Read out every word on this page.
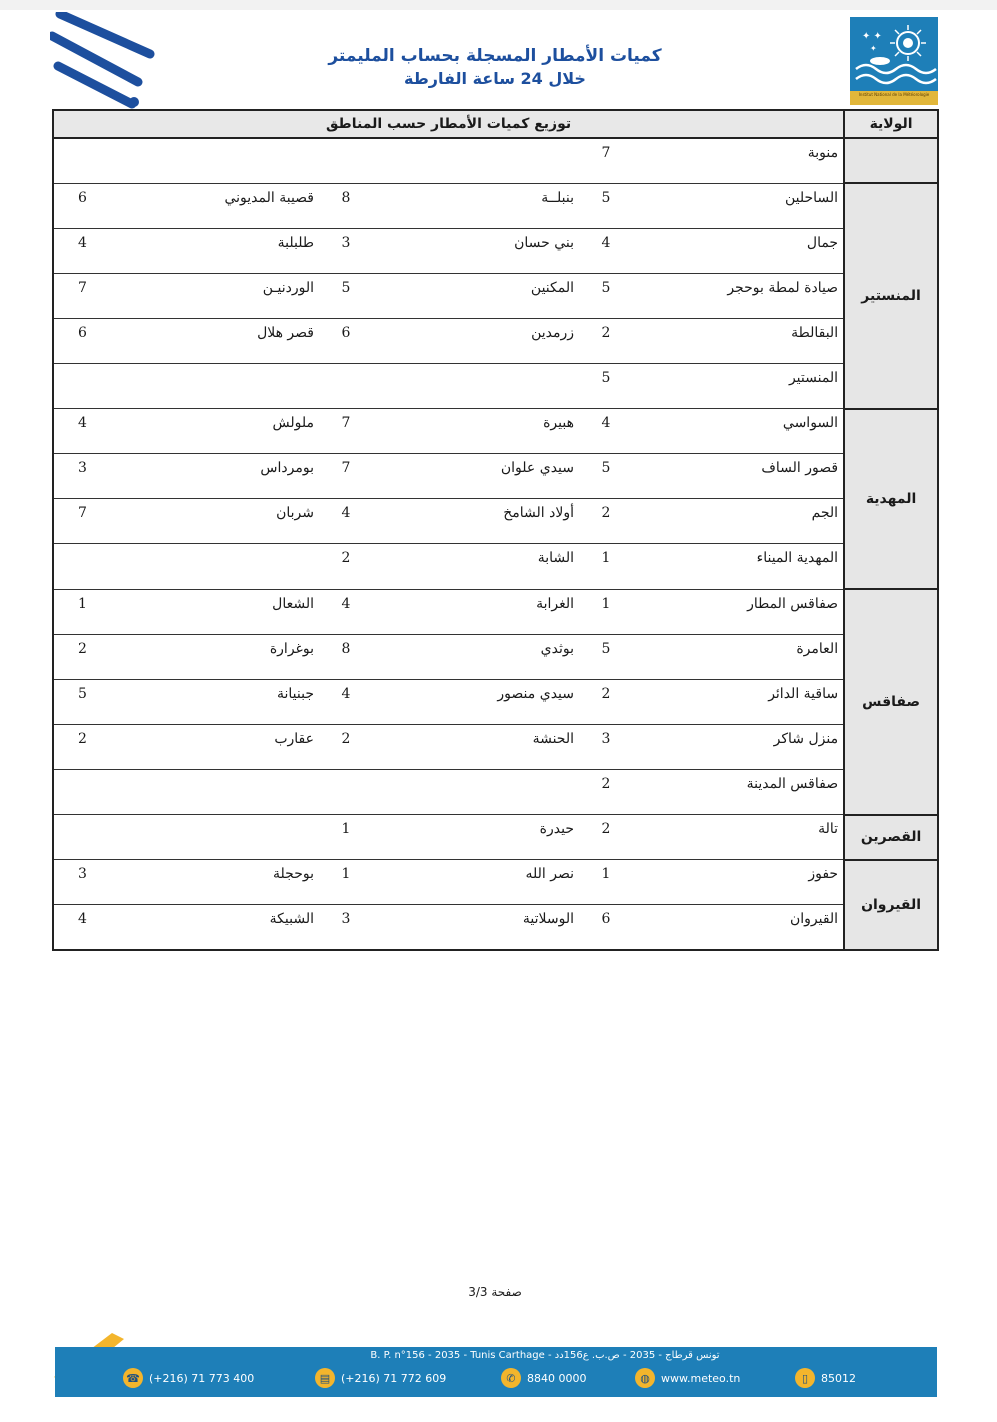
كميات الأمطار المسجلة بحساب المليمتر
خلال 24 ساعة الفارطة
✦ ✦
✦
Institut National de la Météorologie
توزيع كميات الأمطار حسب المناطق						الولاية
				7	منوبة	
6	قصيبة المديوني	8	بنبلــة	5	الساحلين	المنستير
4	طلبلبة	3	بني حسان	4	جمال	
7	الوردنيـن	5	المكنين	5	صيادة لمطة بوحجر	
6	قصر هلال	6	زرمدين	2	البقالطة	
				5	المنستير	
4	ملولش	7	هبيرة	4	السواسي	المهدية
3	بومرداس	7	سيدي علوان	5	قصور الساف	
7	شربان	4	أولاد الشامخ	2	الجم	
		2	الشابة	1	المهدية الميناء	
1	الشعال	4	الغرابة	1	صفاقس المطار	صفاقس
2	بوغرارة	8	بوثدي	5	العامرة	
5	جبنيانة	4	سيدي منصور	2	ساقية الدائر	
2	عقارب	2	الحنشة	3	منزل شاكر	
				2	صفاقس المدينة	
		1	حيدرة	2	تالة	القصرين
3	بوحجلة	1	نصر الله	1	حفوز	القيروان
4	الشبيكة	3	الوسلاتية	6	القيروان	
صفحة 3/3
B. P. n°156 - 2035 - Tunis Carthage - تونس قرطاج - 2035 - ص.ب. ع156دد
☎ (+216) 71 773 400	▤ (+216) 71 772 609	✆	8840 0000	◍	www.meteo.tn	▯	85012
